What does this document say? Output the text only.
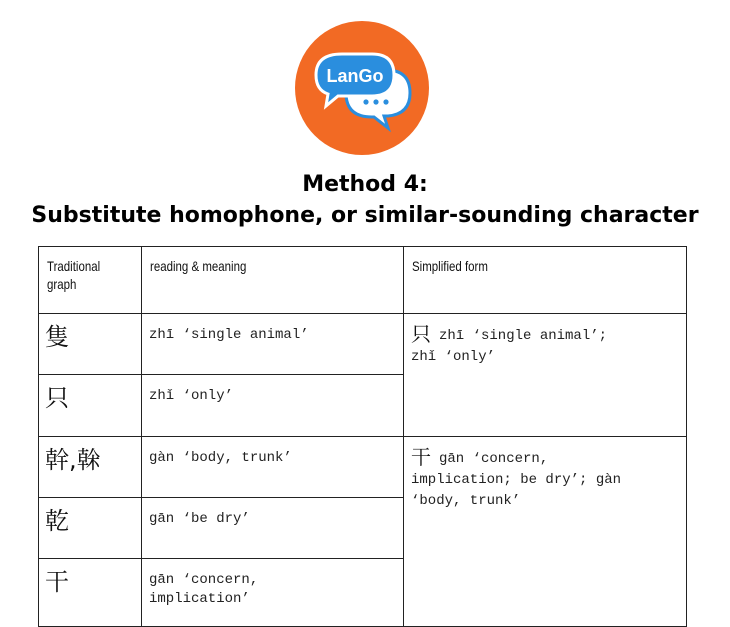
LanGo
Method 4:
Substitute homophone, or similar-sounding character
Traditional
graph	reading & meaning	Simplified form
隻	zhī ‘single animal’	只 zhī ‘single animal’;
zhǐ ‘only’

只	zhǐ ‘only’	
幹,榦	gàn ‘body, trunk’	干 gān ‘concern,
implication; be dry’; gàn
‘body, trunk’

乾	gān ‘be dry’	
干	gān ‘concern,
implication’	
